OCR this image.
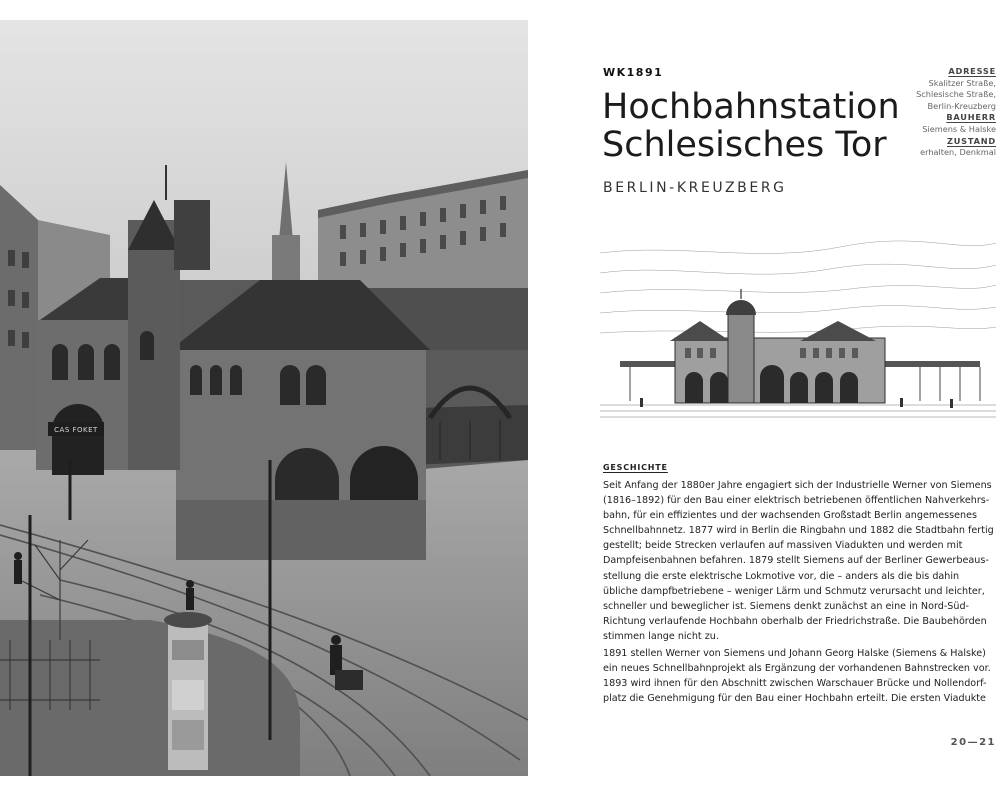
CAS FOKET
WK1891
Hochbahnstation
Schlesisches Tor
BERLIN-KREUZBERG
ADRESSE
Skalitzer Straße,
Schlesische Straße,
Berlin-Kreuzberg
BAUHERR
Siemens & Halske
ZUSTAND
erhalten, Denkmal
GESCHICHTE

Seit Anfang der 1880er Jahre engagiert sich der Industrielle Werner von Siemens (1816–1892) für den Bau einer elektrisch betriebenen öffentlichen Nahverkehrs-bahn, für ein effizientes und der wachsenden Großstadt Berlin angemessenes Schnellbahnnetz. 1877 wird in Berlin die Ringbahn und 1882 die Stadtbahn fertig gestellt; beide Strecken verlaufen auf massiven Viadukten und werden mit Dampfeisenbahnen befahren. 1879 stellt Siemens auf der Berliner Gewerbeaus-stellung die erste elektrische Lokmotive vor, die – anders als die bis dahin übliche dampfbetriebene – weniger Lärm und Schmutz verursacht und leichter, schneller und beweglicher ist. Siemens denkt zunächst an eine in Nord-Süd-Richtung verlaufende Hochbahn oberhalb der Friedrichstraße. Die Baubehörden stimmen lange nicht zu.

1891 stellen Werner von Siemens und Johann Georg Halske (Siemens & Halske) ein neues Schnellbahnprojekt als Ergänzung der vorhandenen Bahnstrecken vor. 1893 wird ihnen für den Abschnitt zwischen Warschauer Brücke und Nollendorf-platz die Genehmigung für den Bau einer Hochbahn erteilt. Die ersten Viadukte

20—21
